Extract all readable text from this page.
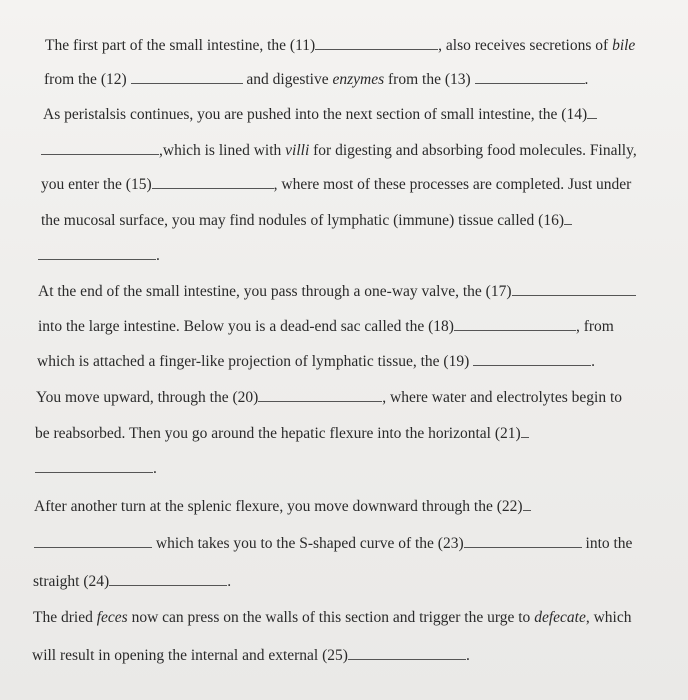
The first part of the small intestine, the (11)	, also receives secretions of bile
from the (12)	and digestive enzymes from the (13)	.
As peristalsis continues, you are pushed into the next section of small intestine, the (14)
,which is lined with villi for digesting and absorbing food molecules. Finally,
you enter the (15)	, where most of these processes are completed. Just under
the mucosal surface, you may find nodules of lymphatic (immune) tissue called (16)
.
At the end of the small intestine, you pass through a one-way valve, the (17)
into the large intestine. Below you is a dead-end sac called the (18)	, from
which is attached a finger-like projection of lymphatic tissue, the (19)	.
You move upward, through the (20)	, where water and electrolytes begin to
be reabsorbed. Then you go around the hepatic flexure into the horizontal (21)
.
After another turn at the splenic flexure, you move downward through the (22)
which takes you to the S-shaped curve of the (23)	into the
straight (24)	.
The dried feces now can press on the walls of this section and trigger the urge to defecate, which
will result in opening the internal and external (25)	.
